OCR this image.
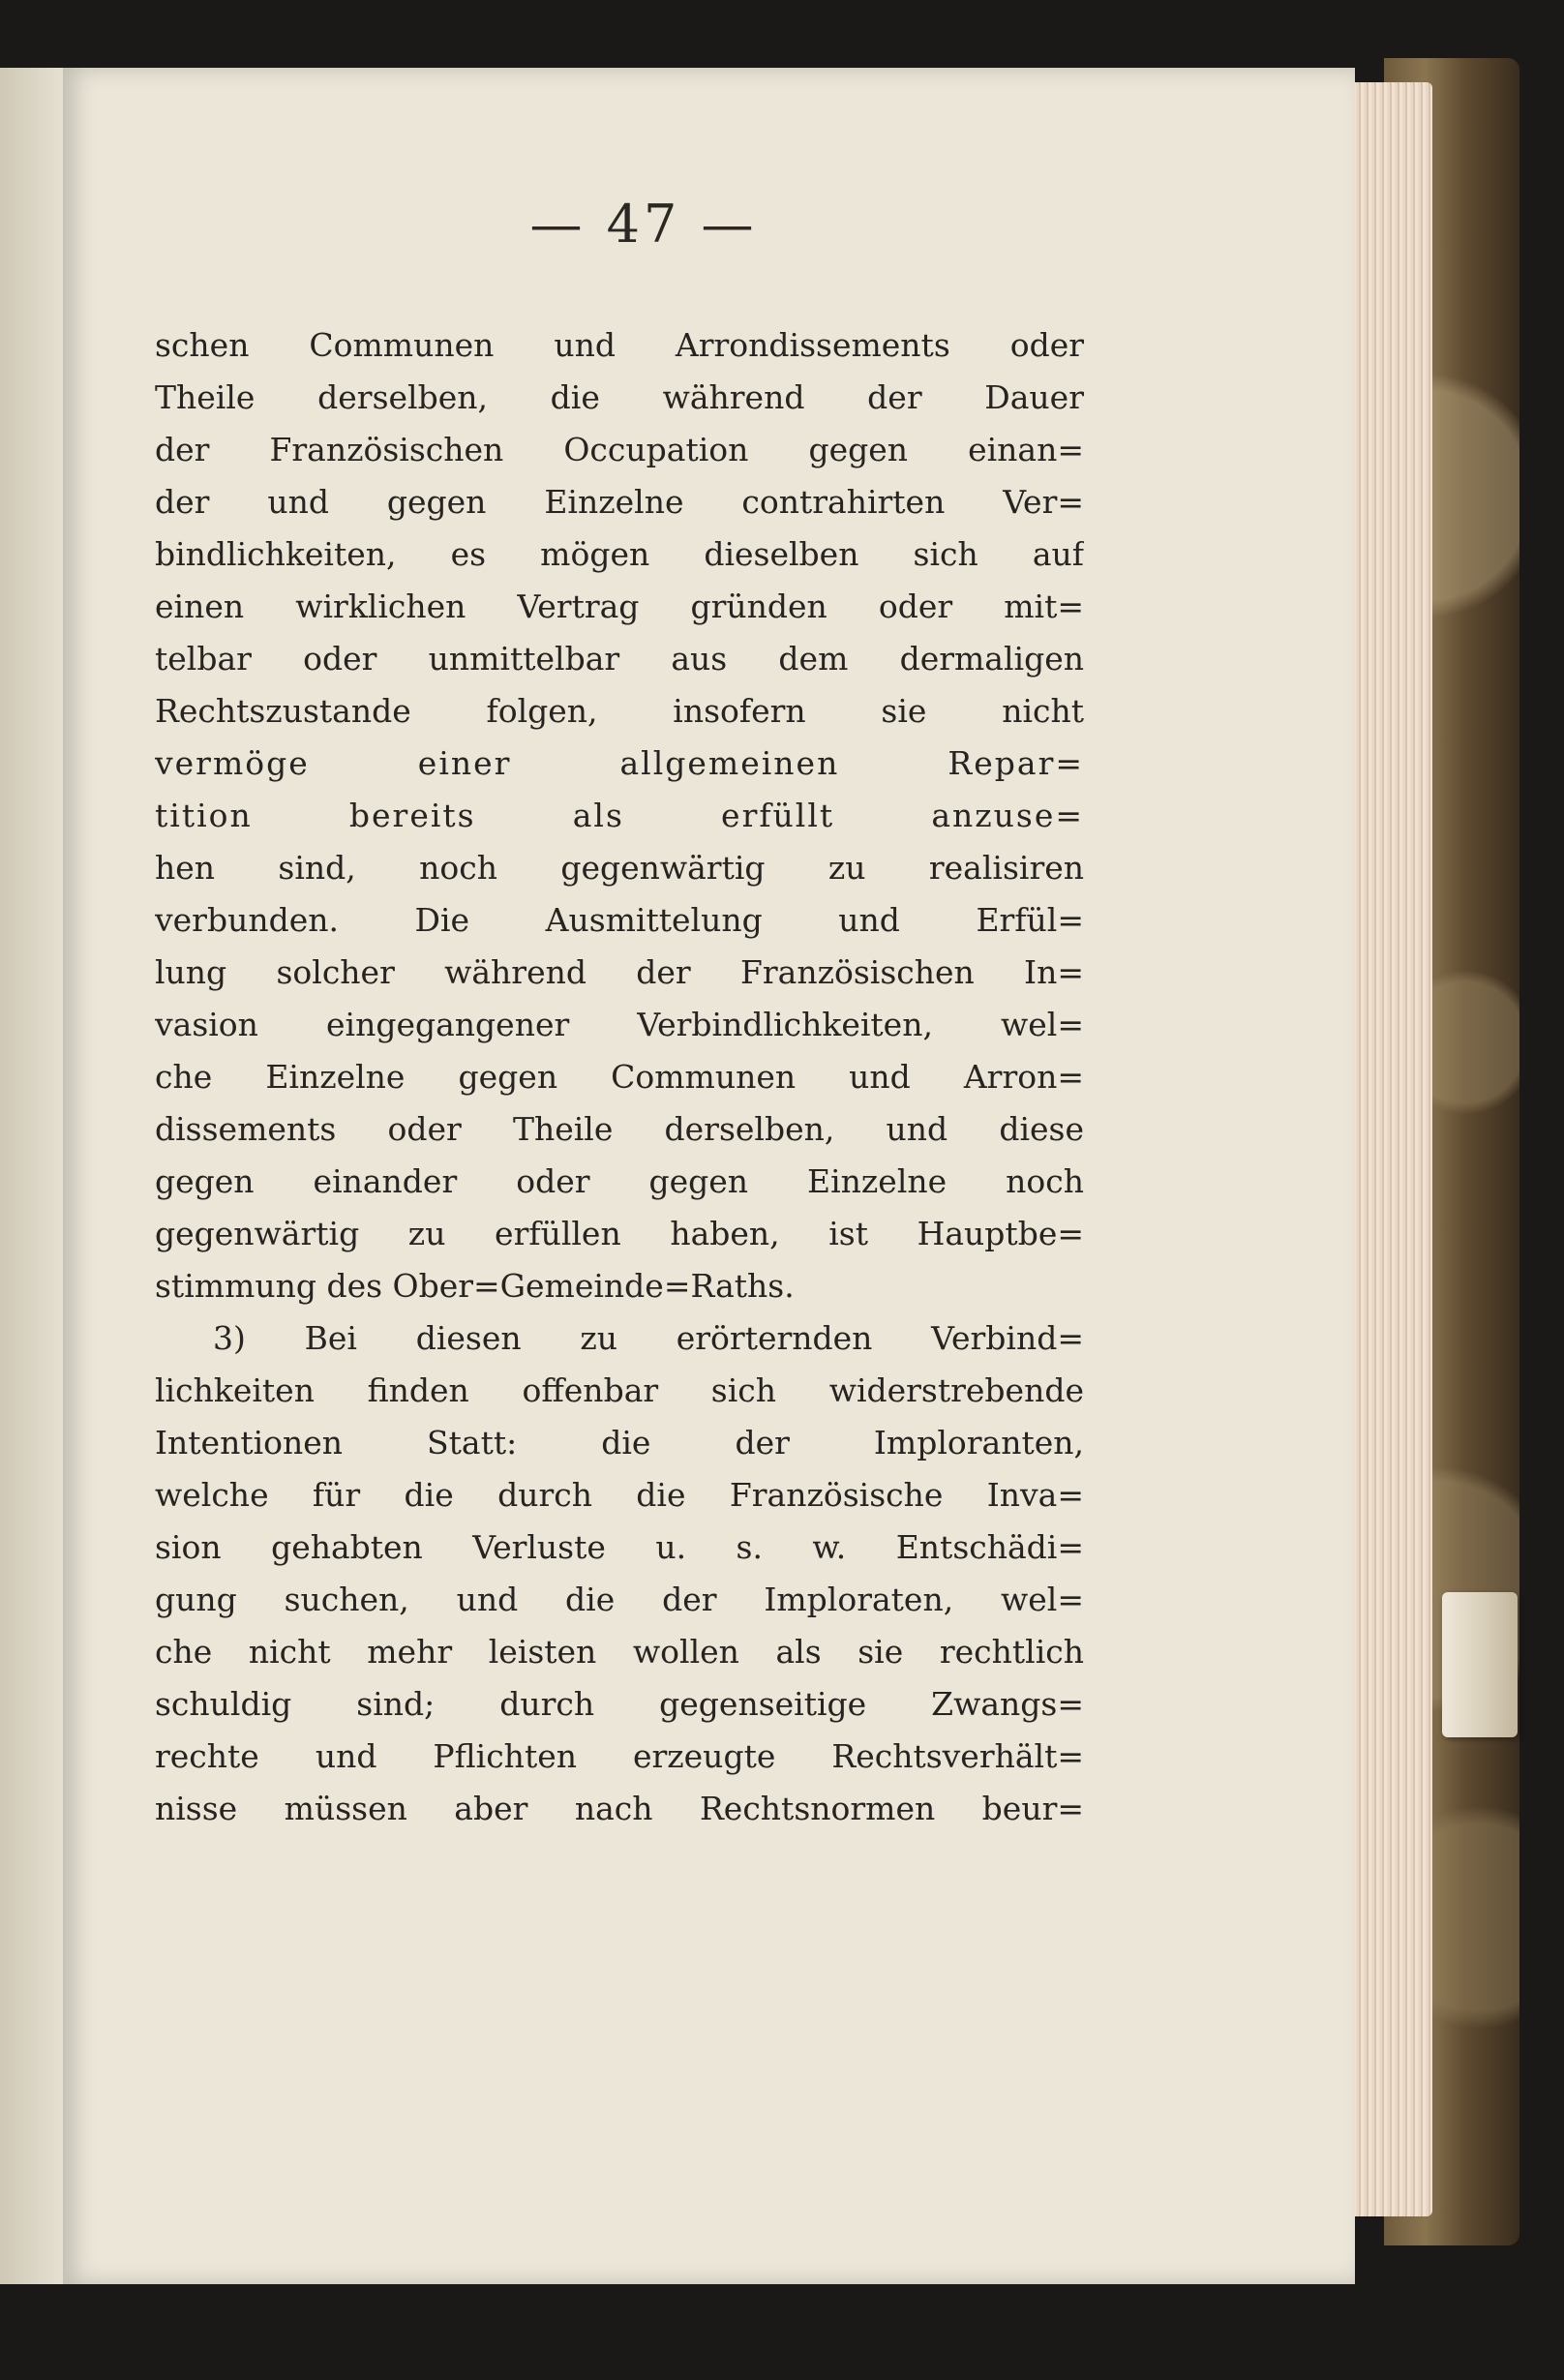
— 47 —
schen Communen und Arrondissements oder
Theile derselben, die während der Dauer
der Französischen Occupation gegen einan=
der und gegen Einzelne contrahirten Ver=
bindlichkeiten, es mögen dieselben sich auf
einen wirklichen Vertrag gründen oder mit=
telbar oder unmittelbar aus dem dermaligen
Rechtszustande folgen, insofern sie nicht
vermöge einer allgemeinen Repar=
tition bereits als erfüllt anzuse=
hen sind, noch gegenwärtig zu realisiren
verbunden. Die Ausmittelung und Erfül=
lung solcher während der Französischen In=
vasion eingegangener Verbindlichkeiten, wel=
che Einzelne gegen Communen und Arron=
dissements oder Theile derselben, und diese
gegen einander oder gegen Einzelne noch
gegenwärtig zu erfüllen haben, ist Hauptbe=
stimmung des Ober=Gemeinde=Raths.
3) Bei diesen zu erörternden Verbind=
lichkeiten finden offenbar sich widerstrebende
Intentionen Statt: die der Imploranten,
welche für die durch die Französische Inva=
sion gehabten Verluste u. s. w. Entschädi=
gung suchen, und die der Imploraten, wel=
che nicht mehr leisten wollen als sie rechtlich
schuldig sind; durch gegenseitige Zwangs=
rechte und Pflichten erzeugte Rechtsverhält=
nisse müssen aber nach Rechtsnormen beur=
